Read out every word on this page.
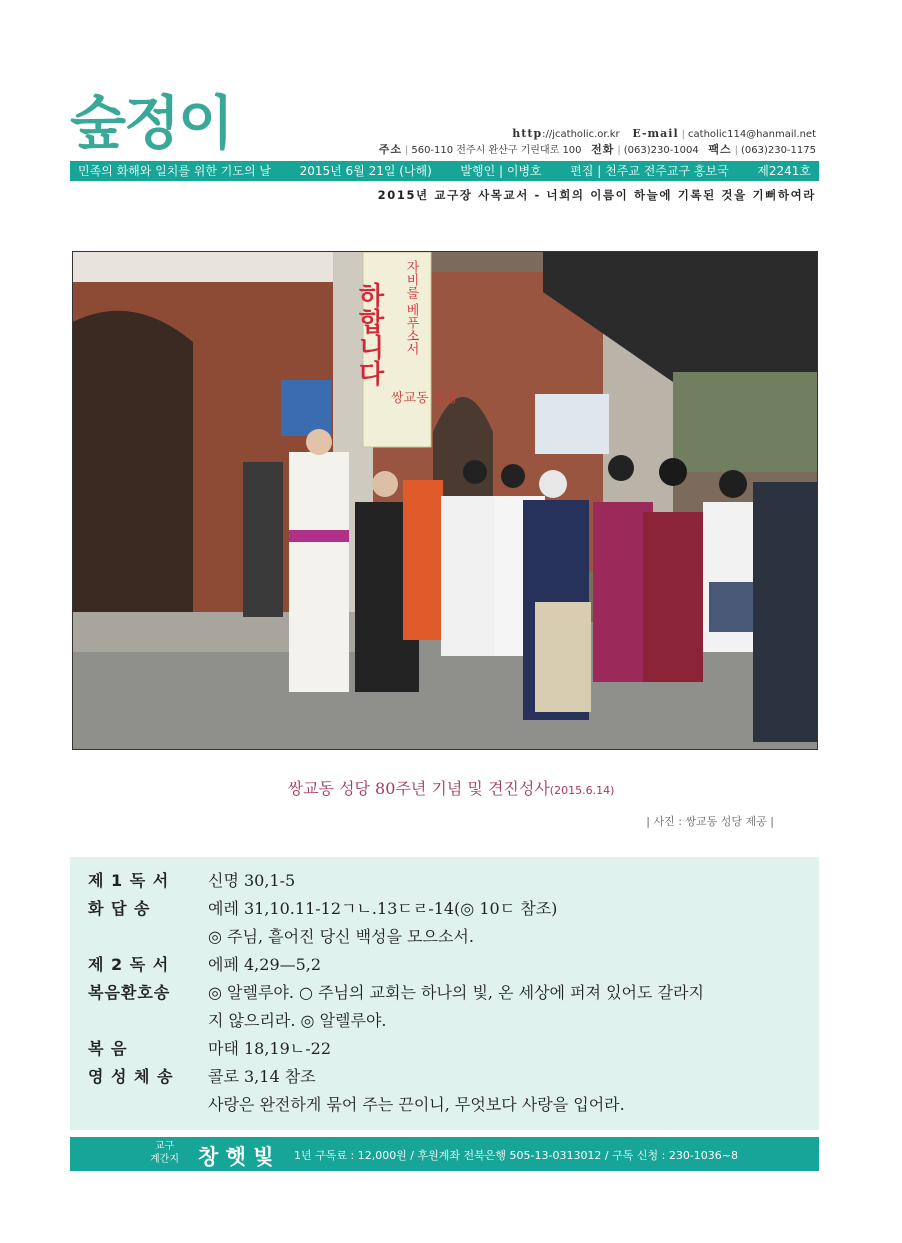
숲정이	http://jcatholic.or.kr E-mail | catholic114@hanmail.net
주소 | 560-110 전주시 완산구 기린대로 100 전화 | (063)230-1004 팩스 | (063)230-1175
민족의 화해와 일치를 위한 기도의 날 2015년 6월 21일 (나해) 발행인 | 이병호 편집 | 천주교 전주교구 홍보국 제2241호
2015년 교구장 사목교서 - 너희의 이름이 하늘에 기록된 것을 기뻐하여라
하합니다 자비를 베푸소서
쌍교동 성당
쌍교동 성당 80주년 기념 및 견진성사(2015.6.14)
| 사진 : 쌍교동 성당 제공 |
제 1 독 서	신명 30,1-5
화 답 송	예레 31,10.11-12ㄱㄴ.13ㄷㄹ-14(◎ 10ㄷ 참조)
◎ 주님, 흩어진 당신 백성을 모으소서.
제 2 독 서	에페 4,29—5,2
복음환호송	◎ 알렐루야. ○ 주님의 교회는 하나의 빛, 온 세상에 퍼져 있어도 갈라지
지 않으리라. ◎ 알렐루야.
복 음	마태 18,19ㄴ-22
영 성 체 송	콜로 3,14 참조
사랑은 완전하게 묶어 주는 끈이니, 무엇보다 사랑을 입어라.
교구
계간지 창 햇 빛 1년 구독료 : 12,000원 / 후원계좌 전북은행 505-13-0313012 / 구독 신청 : 230-1036~8
